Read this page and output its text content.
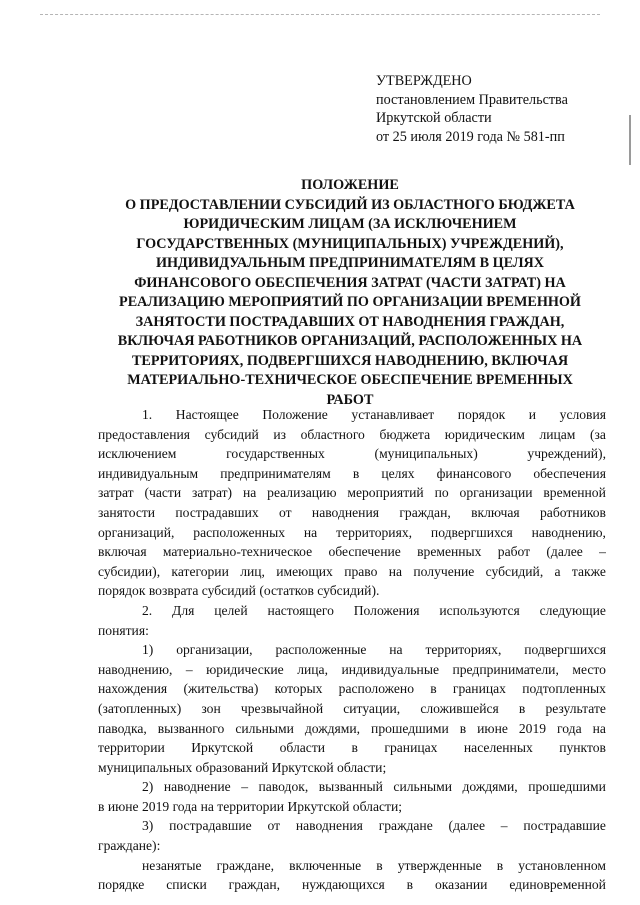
УТВЕРЖДЕНО
постановлением Правительства
Иркутской области
от 25 июля 2019 года № 581-пп
ПОЛОЖЕНИЕ
О ПРЕДОСТАВЛЕНИИ СУБСИДИЙ ИЗ ОБЛАСТНОГО БЮДЖЕТА
ЮРИДИЧЕСКИМ ЛИЦАМ (ЗА ИСКЛЮЧЕНИЕМ
ГОСУДАРСТВЕННЫХ (МУНИЦИПАЛЬНЫХ) УЧРЕЖДЕНИЙ),
ИНДИВИДУАЛЬНЫМ ПРЕДПРИНИМАТЕЛЯМ В ЦЕЛЯХ
ФИНАНСОВОГО ОБЕСПЕЧЕНИЯ ЗАТРАТ (ЧАСТИ ЗАТРАТ) НА
РЕАЛИЗАЦИЮ МЕРОПРИЯТИЙ ПО ОРГАНИЗАЦИИ ВРЕМЕННОЙ
ЗАНЯТОСТИ ПОСТРАДАВШИХ ОТ НАВОДНЕНИЯ ГРАЖДАН,
ВКЛЮЧАЯ РАБОТНИКОВ ОРГАНИЗАЦИЙ, РАСПОЛОЖЕННЫХ НА
ТЕРРИТОРИЯХ, ПОДВЕРГШИХСЯ НАВОДНЕНИЮ, ВКЛЮЧАЯ
МАТЕРИАЛЬНО-ТЕХНИЧЕСКОЕ ОБЕСПЕЧЕНИЕ ВРЕМЕННЫХ
РАБОТ
1. Настоящее Положение устанавливает порядок и условия
предоставления субсидий из областного бюджета юридическим лицам (за
исключением	государственных	(муниципальных)	учреждений),
индивидуальным предпринимателям в целях финансового обеспечения
затрат (части затрат) на реализацию мероприятий по организации временной
занятости пострадавших от наводнения граждан, включая работников
организаций, расположенных на территориях, подвергшихся наводнению,
включая материально-техническое обеспечение временных работ (далее –
субсидии), категории лиц, имеющих право на получение субсидий, а также
порядок возврата субсидий (остатков субсидий).
2. Для целей настоящего Положения используются следующие
понятия:
1) организации, расположенные на территориях, подвергшихся
наводнению, – юридические лица, индивидуальные предприниматели, место
нахождения (жительства) которых расположено в границах подтопленных
(затопленных) зон чрезвычайной ситуации, сложившейся в результате
паводка, вызванного сильными дождями, прошедшими в июне 2019 года на
территории Иркутской области в границах населенных пунктов
муниципальных образований Иркутской области;
2) наводнение – паводок, вызванный сильными дождями, прошедшими
в июне 2019 года на территории Иркутской области;
3) пострадавшие от наводнения граждане (далее – пострадавшие
граждане):
незанятые граждане, включенные в утвержденные в установленном
порядке списки граждан, нуждающихся в оказании единовременной
